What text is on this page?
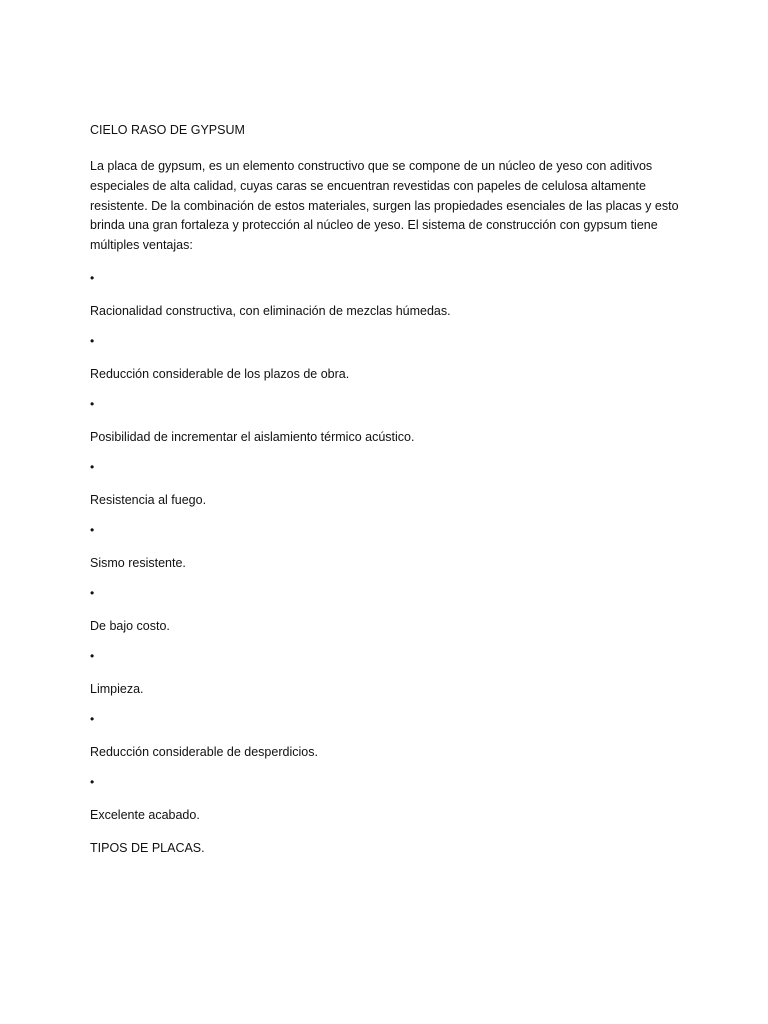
CIELO RASO DE GYPSUM

La placa de gypsum, es un elemento constructivo que se compone de un núcleo de yeso con aditivos especiales de alta calidad, cuyas caras se encuentran revestidas con papeles de celulosa altamente resistente. De la combinación de estos materiales, surgen las propiedades esenciales de las placas y esto brinda una gran fortaleza y protección al núcleo de yeso. El sistema de construcción con gypsum tiene múltiples ventajas:

•
Racionalidad constructiva, con eliminación de mezclas húmedas.
•
Reducción considerable de los plazos de obra.
•
Posibilidad de incrementar el aislamiento térmico acústico.
•
Resistencia al fuego.
•
Sismo resistente.
•
De bajo costo.
•
Limpieza.
•
Reducción considerable de desperdicios.
•
Excelente acabado.

TIPOS DE PLACAS.
